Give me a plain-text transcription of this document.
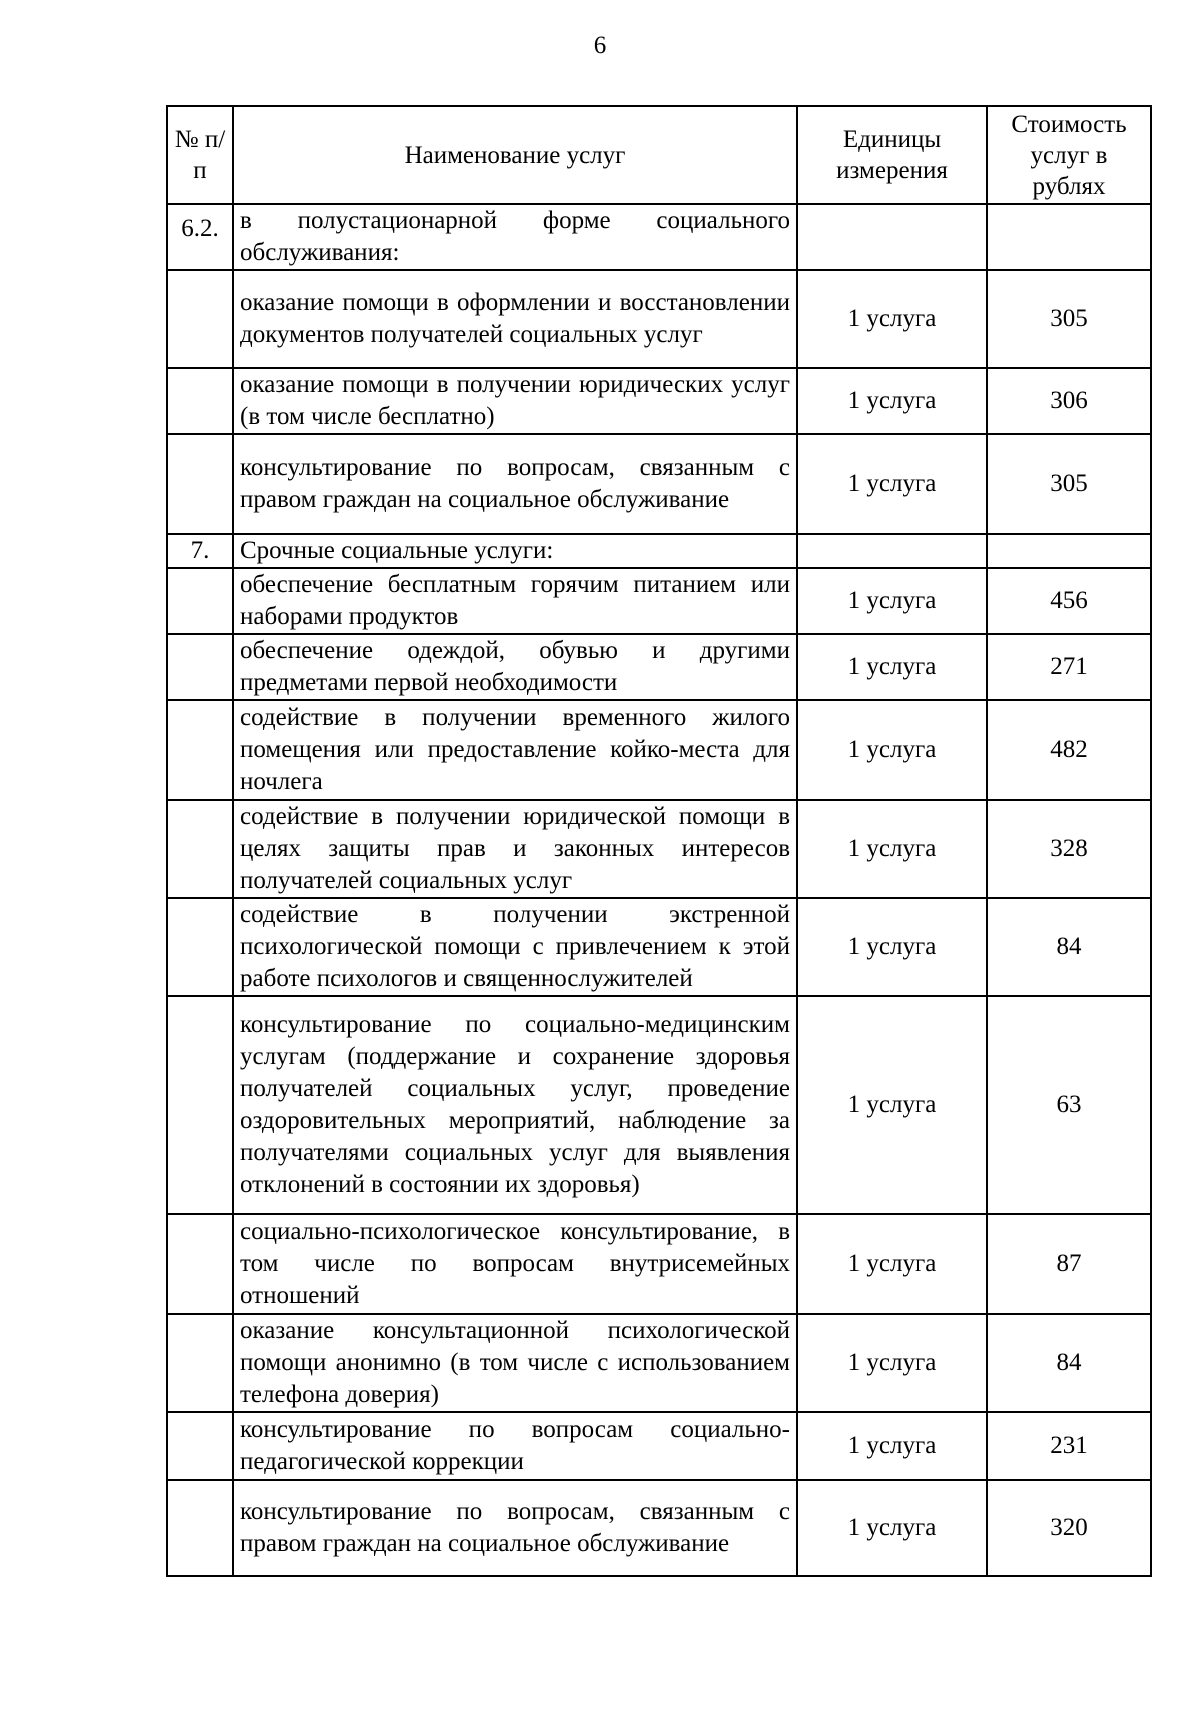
6
№ п/п	Наименование услуг	Единицы измерения	Стоимость услуг в рублях
6.2.	в полустационарной форме социального обслуживания:		
	оказание помощи в оформлении и восстановлении документов получателей социальных услуг	1 услуга	305
	оказание помощи в получении юридических услуг (в том числе бесплатно)	1 услуга	306
	консультирование по вопросам, связанным с правом граждан на социальное обслуживание	1 услуга	305
7.	Срочные социальные услуги:		
	обеспечение бесплатным горячим питанием или наборами продуктов	1 услуга	456
	обеспечение одеждой, обувью и другими предметами первой необходимости	1 услуга	271
	содействие в получении временного жилого помещения или предоставление койко-места для ночлега	1 услуга	482
	содействие в получении юридической помощи в целях защиты прав и законных интересов получателей социальных услуг	1 услуга	328
	содействие в получении экстренной психологической помощи с привлечением к этой работе психологов и священнослужителей	1 услуга	84
	консультирование по социально-медицинским услугам (поддержание и сохранение здоровья получателей социальных услуг, проведение оздоровительных мероприятий, наблюдение за получателями социальных услуг для выявления отклонений в состоянии их здоровья)	1 услуга	63
	социально-психологическое консультирование, в том числе по вопросам внутрисемейных отношений	1 услуга	87
	оказание консультационной психологической помощи анонимно (в том числе с использованием телефона доверия)	1 услуга	84
	консультирование по вопросам социально-педагогической коррекции	1 услуга	231
	консультирование по вопросам, связанным с правом граждан на социальное обслуживание	1 услуга	320
